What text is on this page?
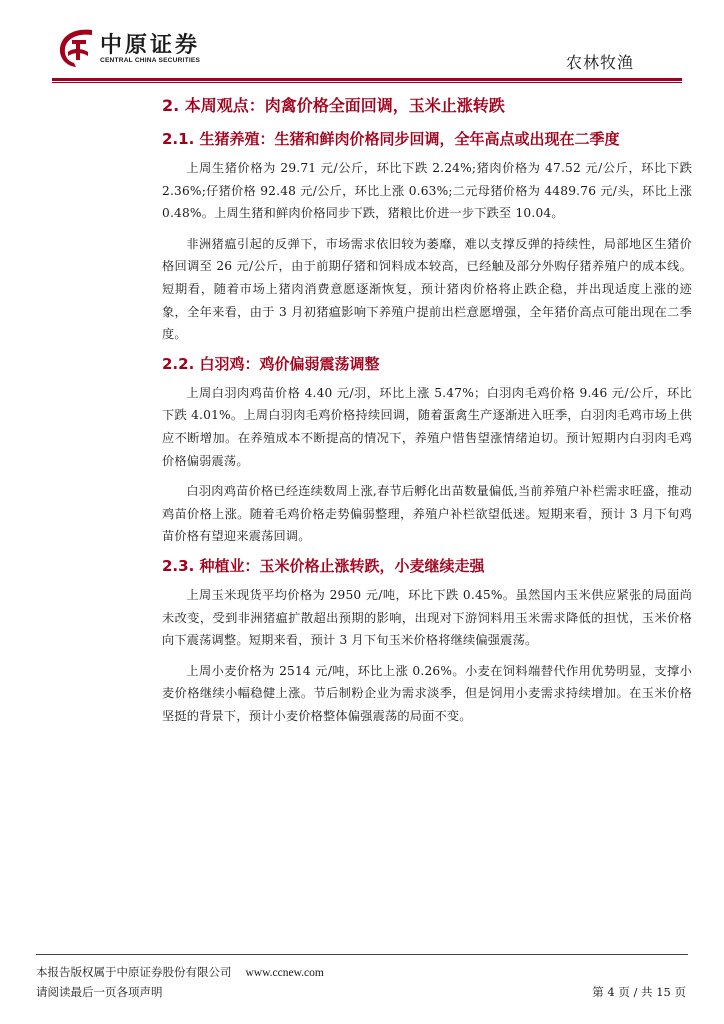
中原证券
CENTRAL CHINA SECURITIES	农林牧渔
2. 本周观点：肉禽价格全面回调，玉米止涨转跌
2.1. 生猪养殖：生猪和鲜肉价格同步回调，全年高点或出现在二季度

上周生猪价格为 29.71 元/公斤，环比下跌 2.24%;猪肉价格为 47.52 元/公斤，环比下跌 2.36%;仔猪价格 92.48 元/公斤，环比上涨 0.63%;二元母猪价格为 4489.76 元/头，环比上涨 0.48%。上周生猪和鲜肉价格同步下跌，猪粮比价进一步下跌至 10.04。

非洲猪瘟引起的反弹下，市场需求依旧较为萎靡，难以支撑反弹的持续性，局部地区生猪价格回调至 26 元/公斤，由于前期仔猪和饲料成本较高，已经触及部分外购仔猪养殖户的成本线。短期看，随着市场上猪肉消费意愿逐渐恢复，预计猪肉价格将止跌企稳，并出现适度上涨的迹象，全年来看，由于 3 月初猪瘟影响下养殖户提前出栏意愿增强，全年猪价高点可能出现在二季度。

2.2. 白羽鸡：鸡价偏弱震荡调整

上周白羽肉鸡苗价格 4.40 元/羽，环比上涨 5.47%；白羽肉毛鸡价格 9.46 元/公斤，环比下跌 4.01%。上周白羽肉毛鸡价格持续回调，随着蛋禽生产逐渐进入旺季，白羽肉毛鸡市场上供应不断增加。在养殖成本不断提高的情况下，养殖户惜售望涨情绪迫切。预计短期内白羽肉毛鸡价格偏弱震荡。

白羽肉鸡苗价格已经连续数周上涨,春节后孵化出苗数量偏低,当前养殖户补栏需求旺盛，推动鸡苗价格上涨。随着毛鸡价格走势偏弱整理，养殖户补栏欲望低迷。短期来看，预计 3 月下旬鸡苗价格有望迎来震荡回调。

2.3. 种植业：玉米价格止涨转跌，小麦继续走强

上周玉米现货平均价格为 2950 元/吨，环比下跌 0.45%。虽然国内玉米供应紧张的局面尚未改变，受到非洲猪瘟扩散超出预期的影响，出现对下游饲料用玉米需求降低的担忧，玉米价格向下震荡调整。短期来看，预计 3 月下旬玉米价格将继续偏强震荡。

上周小麦价格为 2514 元/吨，环比上涨 0.26%。小麦在饲料端替代作用优势明显，支撑小麦价格继续小幅稳健上涨。节后制粉企业为需求淡季，但是饲用小麦需求持续增加。在玉米价格坚挺的背景下，预计小麦价格整体偏强震荡的局面不变。

本报告版权属于中原证券股份有限公司 www.ccnew.com
请阅读最后一页各项声明	第 4 页 / 共 15 页
